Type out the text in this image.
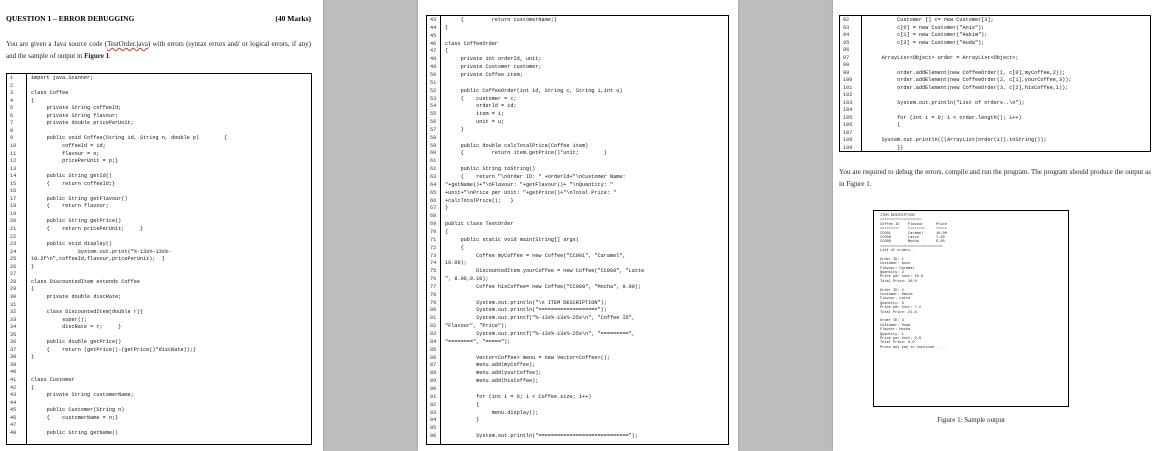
QUESTION 1 – ERROR DEBUGGING	(40 Marks)
You are given a Java source code (TestOrder.java) with errors (syntax errors and/ or logical errors, if any) and the sample of output in Figure 1.
1	import java.Scanner;
2
3	class Coffee
4	{
5	private String coffeeId;
6	private String flavour;
7	private double pricePerUnit;
8
9	public void Coffee(String id, String n, double p)        {
10	coffeeId = id;
11	flavour = n;
12	pricePerUnit = p;}
13
14	public String getId()
15	{    return coffeeId;}
16
17	public String getFlavour()
18	{    return flavour;
19
20	public String getPrice()
21	{    return pricePerUnit;     }
22
23	public void display()
24	System.out.print("%-13s%-13s%-
25	10.2f\n",coffeeId,flavour,pricePerUnit);  }
26	}
27
28	class DiscountedItem extends Coffee
29	{
30	private double discRate;
31
32	class DiscountedItem(double r){
33	super();
34	discRate = r;     }
35
36	public double getPrice()
37	{    return (getPrice()-(getPrice()*discRate));}
38	}
39
40
41	class Customer
42	{
43	private String customerName;
44
45	public Customer(String n)
46	{    customerName = n;}
47
48	public String getName()
43	{         return customerName;}
44	}
45
46	class CoffeeOrder
47	{
48	private int orderId, unit;
49	private Customer customer;
50	private Coffee item;
51
52	public CoffeeOrder(int id, String c, String i,int u)
53	{    customer = c;
54	orderId = id;
55	item = i;
56	unit = u;
57	}
58
59	public double calcTotalPrice(Coffee item)
60	{         return item.getPrice()*unit;        }
61
62	public String toString()
63	{    return "\nOrder ID: " +orderId+"\nCustomer Name:
64	"+getName()+"\nFlavour: "+getFlavour()+ "\nQuantity: "
65	+unit+"\nPrice per Unit: "+getPrice()+"\nTotal Price: "
66	+calcTotalPrice();   }
67	}
68
69	public class TestOrder
70	{
71	public static void main(String[] args)
72	{
73	Coffee myCoffee = new Coffee("CC001", "Caramel",
74	10.00);
75	DiscountedItem yourCoffee = new Coffee("CC008", "Latte
76	", 8.00,0.10);
77	Coffee hisCoffee= new Coffee("CC009", "Mocha", 9.00);
78
79	System.out.println("\n ITEM DESCRIPTION");
80	System.out.println("===================");
81	System.out.printf("%-13s%-13s%-25s\n", "Coffee ID",
82	"Flavour", "Price");
83	System.out.printf("%-13s%-13s%-25s\n", "=========",
84	"========", "=====");
85
86	Vector<Coffee> menu = new Vector<Coffee>();
87	menu.add(myCoffee);
88	menu.add(yourCoffee);
89	menu.add(hisCoffee);
90
91	for (int i = 0; i < Coffee.size; i++)
92	{
93	menu.display();
94	}
95
96	System.out.println("=============================");
92	Customer [] c= new Customer[3];
93	c[0] = new Customer("Anis");
94	c[1] = new Customer("Hakim");
95	c[3] = new Customer("Huda");
96
97	ArrayList<Object> order = ArrayList<Object>;
98
99	order.addElement(new CoffeeOrder(1, c[0],myCoffee,2));
100	order.addElement(new CoffeeOrder(2, c[1],yourCoffee,3));
101	order.addElement(new CoffeeOrder(3, c[2],hisCoffee,1));
102
103	System.out.println("List of orders..\n");
104
105	for (int i = 0; i < order.length(); i++)
106	{
107
108	System.out.println(((ArrayList)order(i)).toString());
109	}}
You are required to debug the errors, compile and run the program. The program should produce the output as in Figure 1.
ITEM DESCRIPTION
===================
Coffee ID    Flavour      Price
=========    ========     =====
CC001        Caramel      10.00
CC008        Latte        7.20
CC009        Mocha        9.00
=============================
List of orders..
Order ID: 1
Customer: Anis
Flavour: Caramel
Quantity: 2
Price per Unit: 10.0
Total Price: 20.0
Order ID: 2
Customer: Hakim
Flavour: Latte
Quantity: 3
Price per Unit: 7.2
Total Price: 21.6
Order ID: 3
Customer: Huda
Flavour: Mocha
Quantity: 1
Price per Unit: 9.0
Total Price: 9.0
Press any key to continue . . .
Figure 1: Sample output
